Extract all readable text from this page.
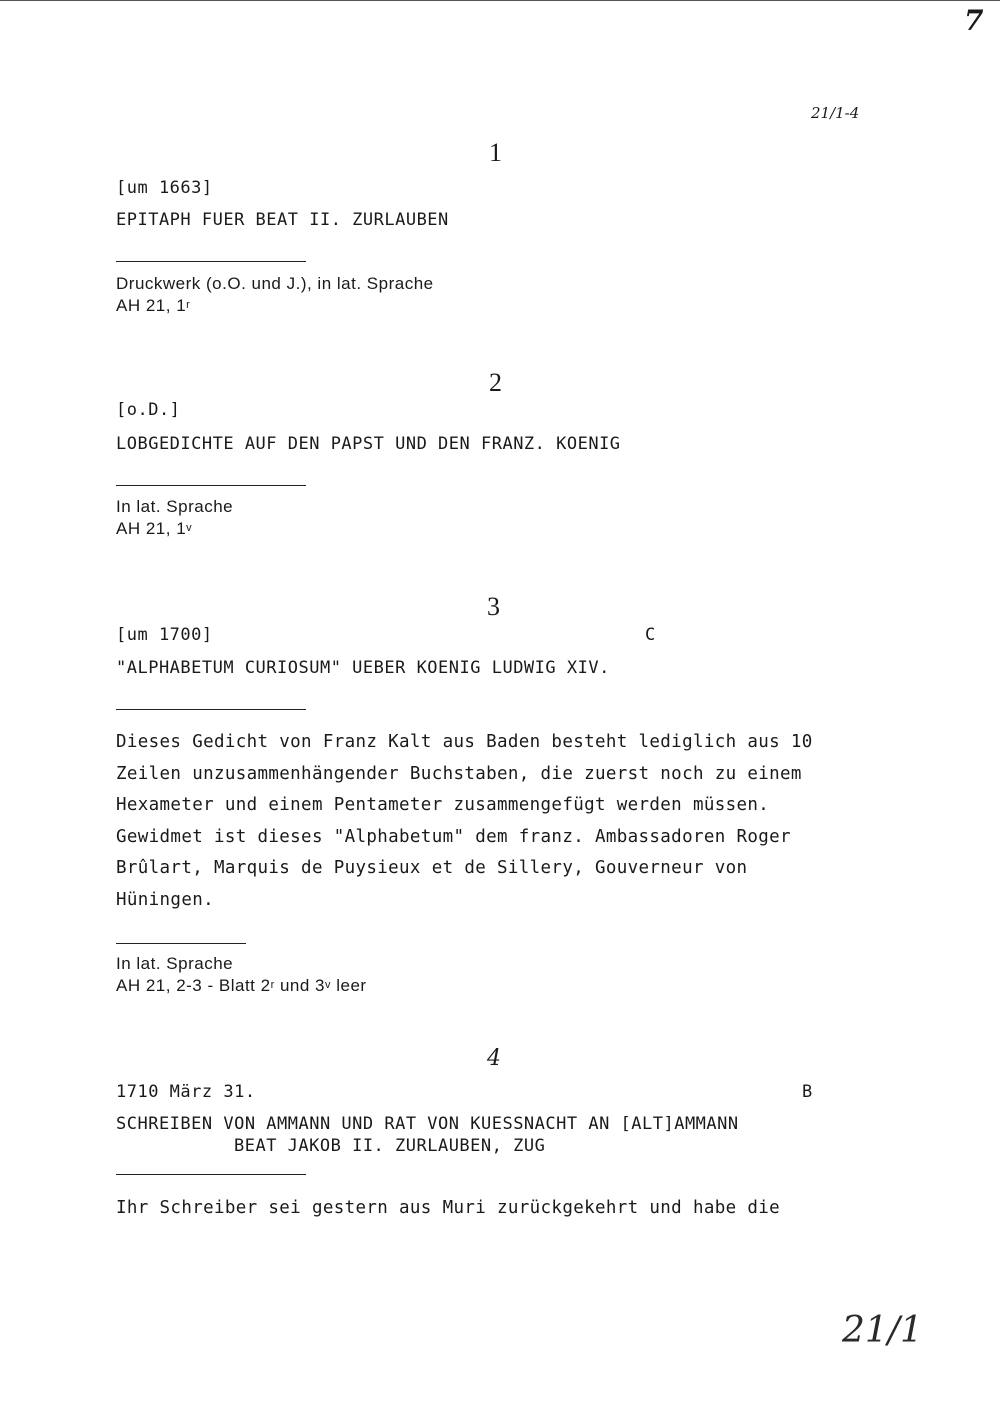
7
21/1-4
1
[um 1663]
EPITAPH FUER BEAT II. ZURLAUBEN
Druckwerk (o.O. und J.), in lat. Sprache
AH 21, 1$^r$
2
[o.D.]
LOBGEDICHTE AUF DEN PAPST UND DEN FRANZ. KOENIG
In lat. Sprache
AH 21, 1$^v$
3
[um 1700]	C
"ALPHABETUM CURIOSUM" UEBER KOENIG LUDWIG XIV.
Dieses Gedicht von Franz Kalt aus Baden besteht lediglich aus 10 Zeilen unzusammenhängender Buchstaben, die zuerst noch zu einem Hexameter und einem Pentameter zusammengefügt werden müssen. Gewidmet ist dieses "Alphabetum" dem franz. Ambassadoren Roger Brûlart, Marquis de Puysieux et de Sillery, Gouverneur von Hüningen.
In lat. Sprache
AH 21, 2-3 - Blatt 2$^r$ und 3$^v$ leer
4
1710 März 31.	B
SCHREIBEN VON AMMANN UND RAT VON KUESSNACHT AN [ALT]AMMANN
BEAT JAKOB II. ZURLAUBEN, ZUG
Ihr Schreiber sei gestern aus Muri zurückgekehrt und habe die
21/1
